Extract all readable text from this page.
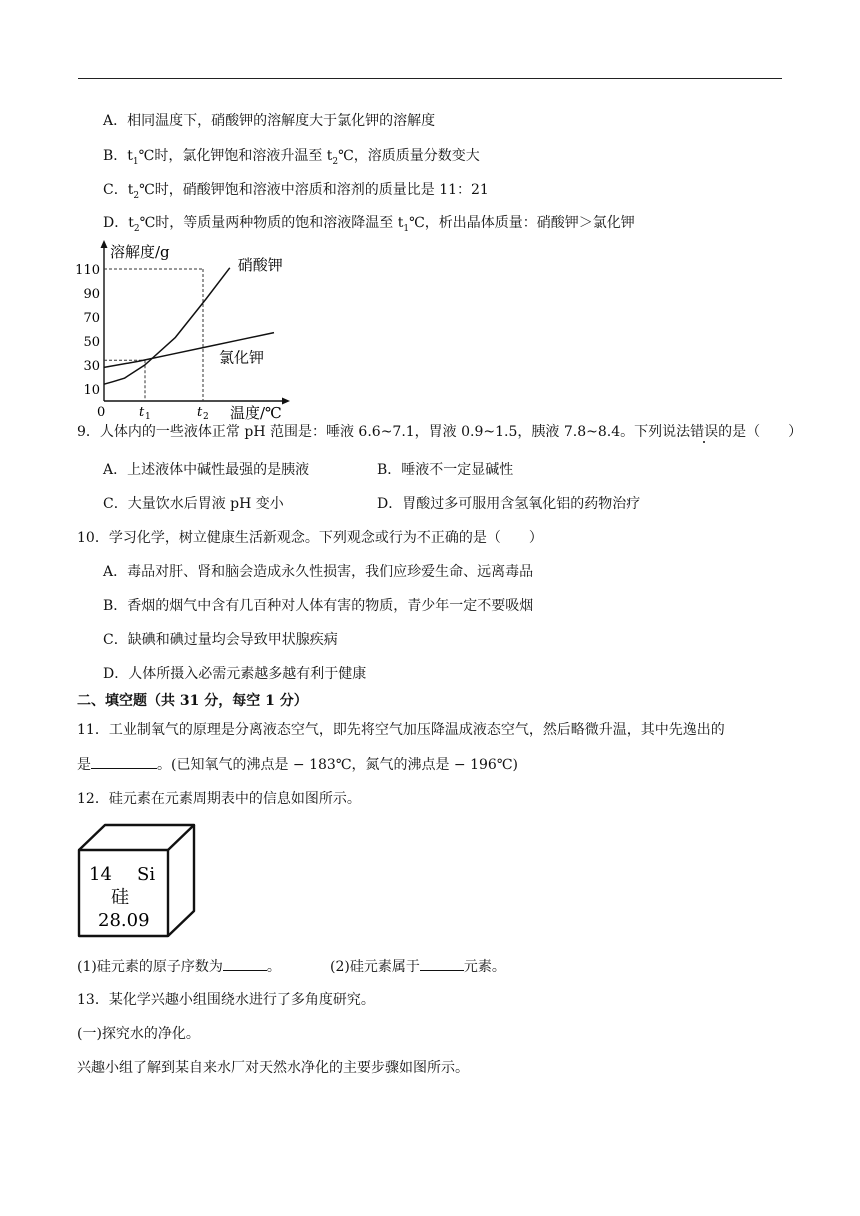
A．相同温度下，硝酸钾的溶解度大于氯化钾的溶解度
B．$t_1℃$时，氯化钾饱和溶液升温至 $t_2℃$，溶质质量分数变大
C．$t_2℃$时，硝酸钾饱和溶液中溶质和溶剂的质量比是 11：21
D．$t_2℃$时，等质量两种物质的饱和溶液降温至 $t_1℃$，析出晶体质量：硝酸钾＞氯化钾
溶解度/g
温度/℃
0
110
90
70
50
30
10
t 1	t 2
硝酸钾
氯化钾
9．人体内的一些液体正常 pH 范围是：唾液 6.6~7.1，胃液 0.9~1.5，胰液 7.8~8.4。下列说法错误的是（　　）
A．上述液体中碱性最强的是胰液	B．唾液不一定显碱性
C．大量饮水后胃液 pH 变小	D．胃酸过多可服用含氢氧化铝的药物治疗
10．学习化学，树立健康生活新观念。下列观念或行为不正确的是（　　）
A．毒品对肝、肾和脑会造成永久性损害，我们应珍爱生命、远离毒品
B．香烟的烟气中含有几百种对人体有害的物质，青少年一定不要吸烟
C．缺碘和碘过量均会导致甲状腺疾病
D．人体所摄入必需元素越多越有利于健康
二、填空题（共 31 分，每空 1 分）
11．工业制氧气的原理是分离液态空气，即先将空气加压降温成液态空气，然后略微升温，其中先逸出的
是	。(已知氧气的沸点是 − 183℃，氮气的沸点是 − 196℃)
12．硅元素在元素周期表中的信息如图所示。
14 Si
硅
28.09
(1)硅元素的原子序数为	。	(2)硅元素属于	元素。
13．某化学兴趣小组围绕水进行了多角度研究。
(一)探究水的净化。
兴趣小组了解到某自来水厂对天然水净化的主要步骤如图所示。
